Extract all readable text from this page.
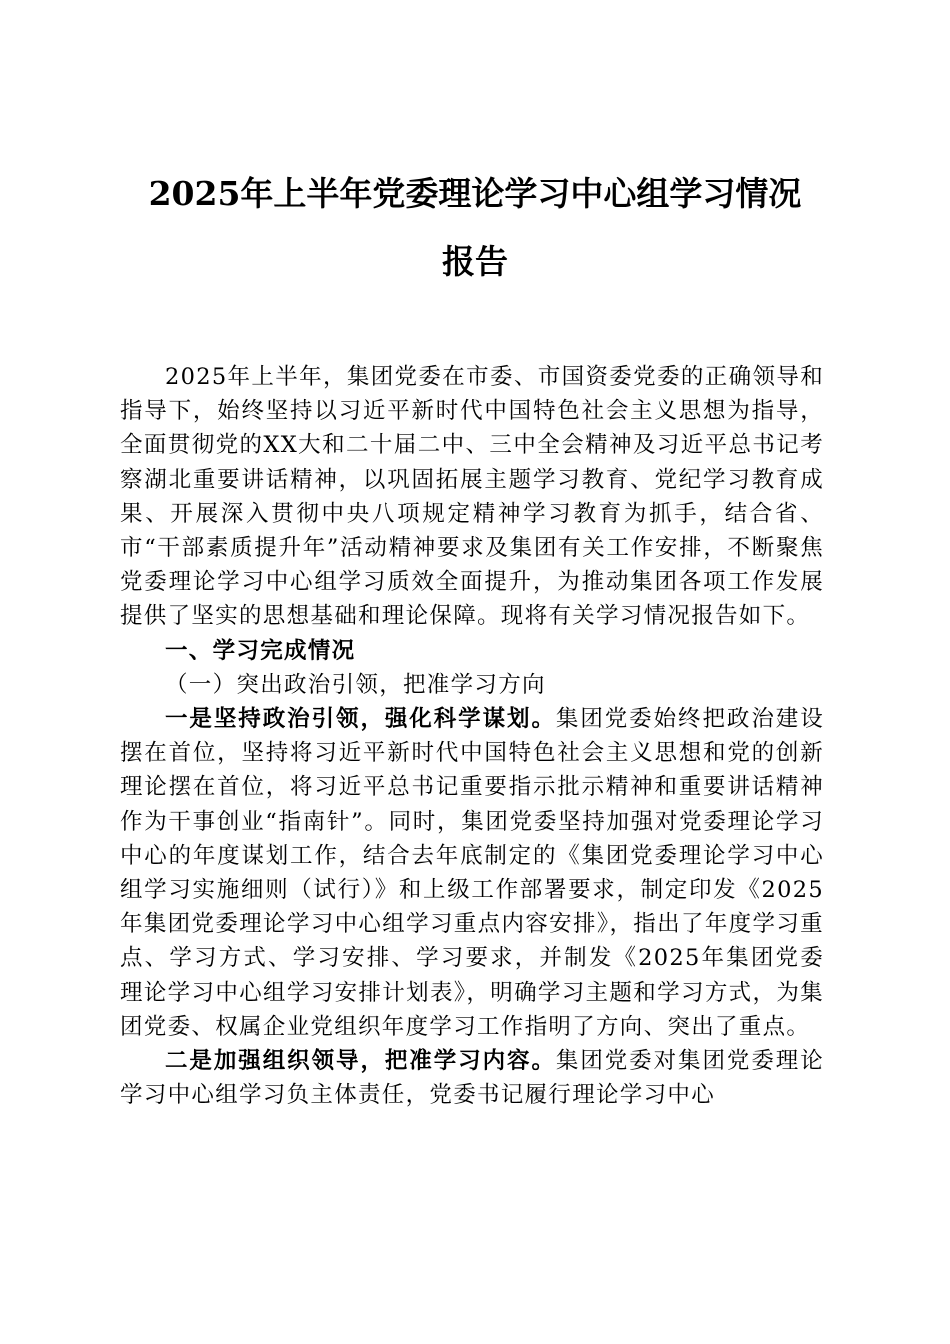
2025年上半年党委理论学习中心组学习情况
报告

2025年上半年，集团党委在市委、市国资委党委的正确领导和指导下，始终坚持以习近平新时代中国特色社会主义思想为指导，全面贯彻党的XX大和二十届二中、三中全会精神及习近平总书记考察湖北重要讲话精神，以巩固拓展主题学习教育、党纪学习教育成果、开展深入贯彻中央八项规定精神学习教育为抓手，结合省、市“干部素质提升年”活动精神要求及集团有关工作安排，不断聚焦党委理论学习中心组学习质效全面提升，为推动集团各项工作发展提供了坚实的思想基础和理论保障。现将有关学习情况报告如下。

一、学习完成情况

（一）突出政治引领，把准学习方向

一是坚持政治引领，强化科学谋划。集团党委始终把政治建设摆在首位，坚持将习近平新时代中国特色社会主义思想和党的创新理论摆在首位，将习近平总书记重要指示批示精神和重要讲话精神作为干事创业“指南针”。同时，集团党委坚持加强对党委理论学习中心的年度谋划工作，结合去年底制定的《集团党委理论学习中心组学习实施细则（试行）》和上级工作部署要求，制定印发《2025年集团党委理论学习中心组学习重点内容安排》，指出了年度学习重点、学习方式、学习安排、学习要求，并制发《2025年集团党委理论学习中心组学习安排计划表》，明确学习主题和学习方式，为集团党委、权属企业党组织年度学习工作指明了方向、突出了重点。

二是加强组织领导，把准学习内容。集团党委对集团党委理论学习中心组学习负主体责任，党委书记履行理论学习中心
